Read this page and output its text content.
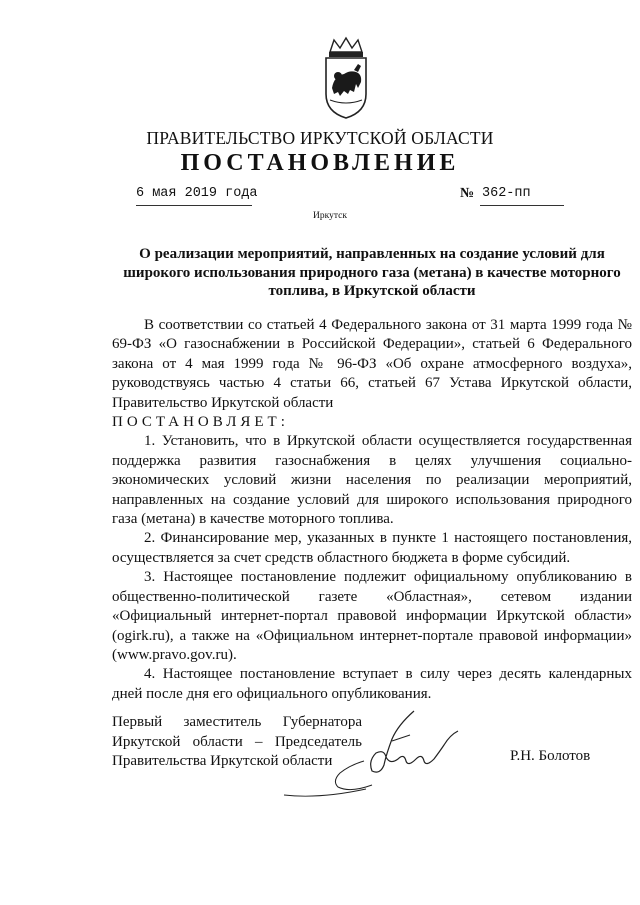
ПРАВИТЕЛЬСТВО ИРКУТСКОЙ ОБЛАСТИ
ПОСТАНОВЛЕНИЕ
6 мая 2019 года	№ 362-пп
Иркутск
О реализации мероприятий, направленных на создание условий для широкого использования природного газа (метана) в качестве моторного топлива, в Иркутской области

В соответствии со статьей 4 Федерального закона от 31 марта 1999 года № 69-ФЗ «О газоснабжении в Российской Федерации», статьей 6 Федерального закона от 4 мая 1999 года № 96-ФЗ «Об охране атмосферного воздуха», руководствуясь частью 4 статьи 66, статьей 67 Устава Иркутской области, Правительство Иркутской области

ПОСТАНОВЛЯЕТ:

1. Установить, что в Иркутской области осуществляется государственная поддержка развития газоснабжения в целях улучшения социально-экономических условий жизни населения по реализации мероприятий, направленных на создание условий для широкого использования природного газа (метана) в качестве моторного топлива.

2. Финансирование мер, указанных в пункте 1 настоящего постановления, осуществляется за счет средств областного бюджета в форме субсидий.

3. Настоящее постановление подлежит официальному опубликованию в общественно-политической газете «Областная», сетевом издании «Официальный интернет-портал правовой информации Иркутской области» (ogirk.ru), а также на «Официальном интернет-портале правовой информации» (www.pravo.gov.ru).

4. Настоящее постановление вступает в силу через десять календарных дней после дня его официального опубликования.

Первый заместитель Губернатора
Иркутской области – Председатель
Правительства Иркутской области	Р.Н. Болотов
